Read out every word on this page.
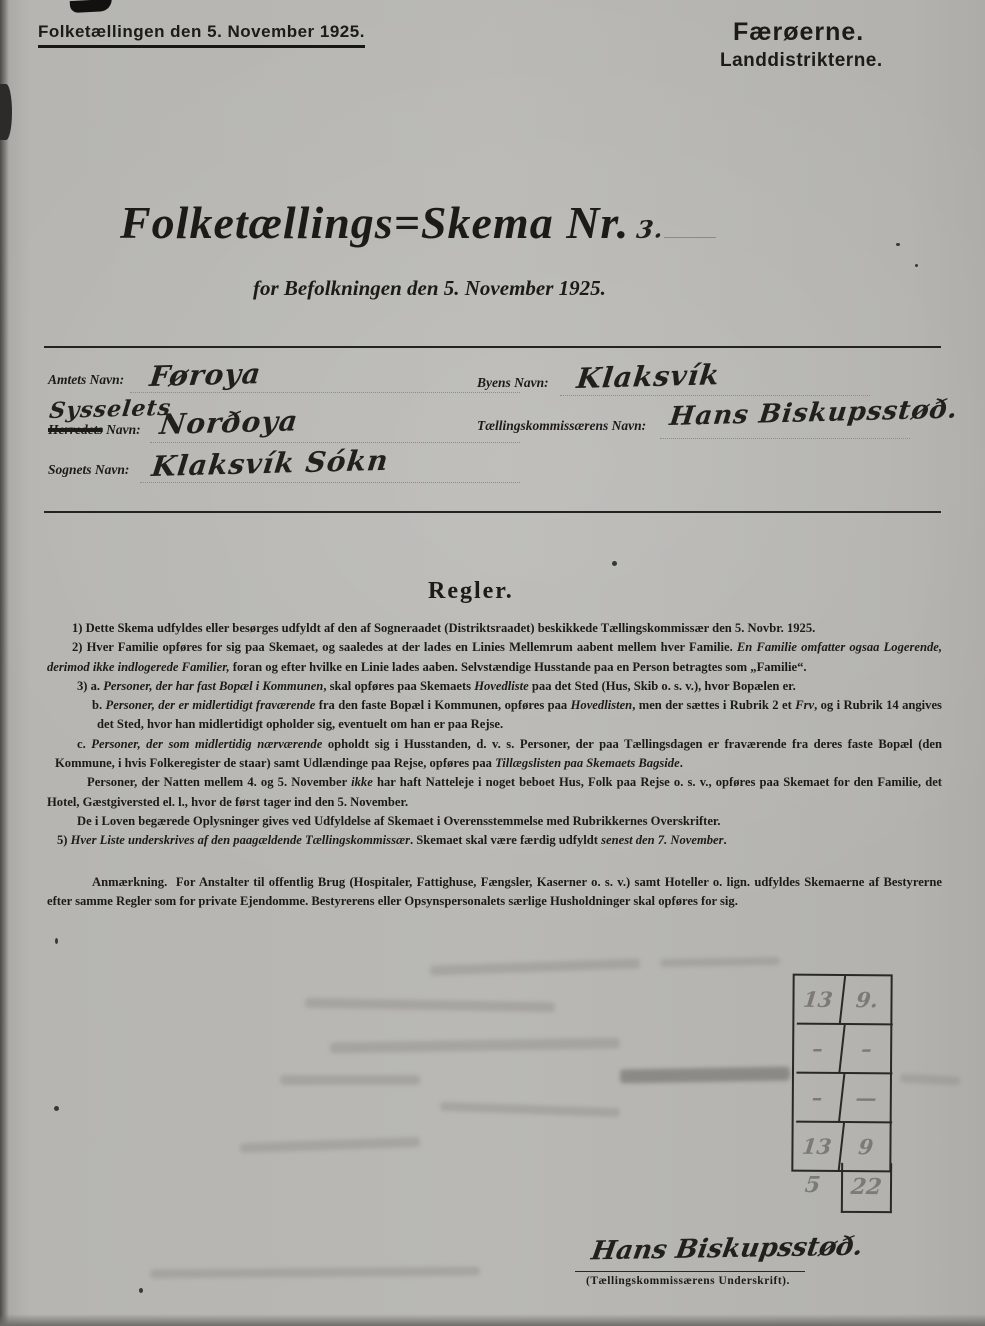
Folketællingen den 5. November 1925.	Færøerne.
Landdistrikterne.
Folketællings=Skema Nr. 3.
for Befolkningen den 5. November 1925.
Amtets Navn: Føroya
Sysselets
Herredets Navn: Norðoya
Sognets Navn: Klaksvík Sókn
Byens Navn: Klaksvík
Tællingskommissærens Navn: Hans Biskupsstøð.
Regler.

1) Dette Skema udfyldes eller besørges udfyldt af den af Sogneraadet (Distriktsraadet) beskikkede Tællingskommissær den 5. Novbr. 1925.

2) Hver Familie opføres for sig paa Skemaet, og saaledes at der lades en Linies Mellemrum aabent mellem hver Familie. En Familie omfatter ogsaa Logerende, derimod ikke indlogerede Familier, foran og efter hvilke en Linie lades aaben. Selvstændige Husstande paa en Person betragtes som „Familie“.

3) a. Personer, der har fast Bopæl i Kommunen, skal opføres paa Skemaets Hovedliste paa det Sted (Hus, Skib o. s. v.), hvor Bopælen er.

b. Personer, der er midlertidigt fraværende fra den faste Bopæl i Kommunen, opføres paa Hovedlisten, men der sættes i Rubrik 2 et Frv, og i Rubrik 14 angives det Sted, hvor han midlertidigt opholder sig, eventuelt om han er paa Rejse.

c. Personer, der som midlertidig nærværende opholdt sig i Husstanden, d. v. s. Personer, der paa Tællingsdagen er fraværende fra deres faste Bopæl (den Kommune, i hvis Folkeregister de staar) samt Udlændinge paa Rejse, opføres paa Tillægslisten paa Skemaets Bagside.

Personer, der Natten mellem 4. og 5. November ikke har haft Natteleje i noget beboet Hus, Folk paa Rejse o. s. v., opføres paa Skemaet for den Familie, det Hotel, Gæstgiversted el. l., hvor de først tager ind den 5. November.

De i Loven begærede Oplysninger gives ved Udfyldelse af Skemaet i Overensstemmelse med Rubrikkernes Overskrifter.

5) Hver Liste underskrives af den paagældende Tællingskommissær. Skemaet skal være færdig udfyldt senest den 7. November.

Anmærkning.  For Anstalter til offentlig Brug (Hospitaler, Fattighuse, Fængsler, Kaserner o. s. v.) samt Hoteller o. lign. udfyldes Skemaerne af Bestyrerne efter samme Regler som for private Ejendomme. Bestyrerens eller Opsynspersonalets særlige Husholdninger skal opføres for sig.

13 9.
–	–
–	—
13	9
5 22
Hans Biskupsstøð.
(Tællingskommissærens Underskrift).
